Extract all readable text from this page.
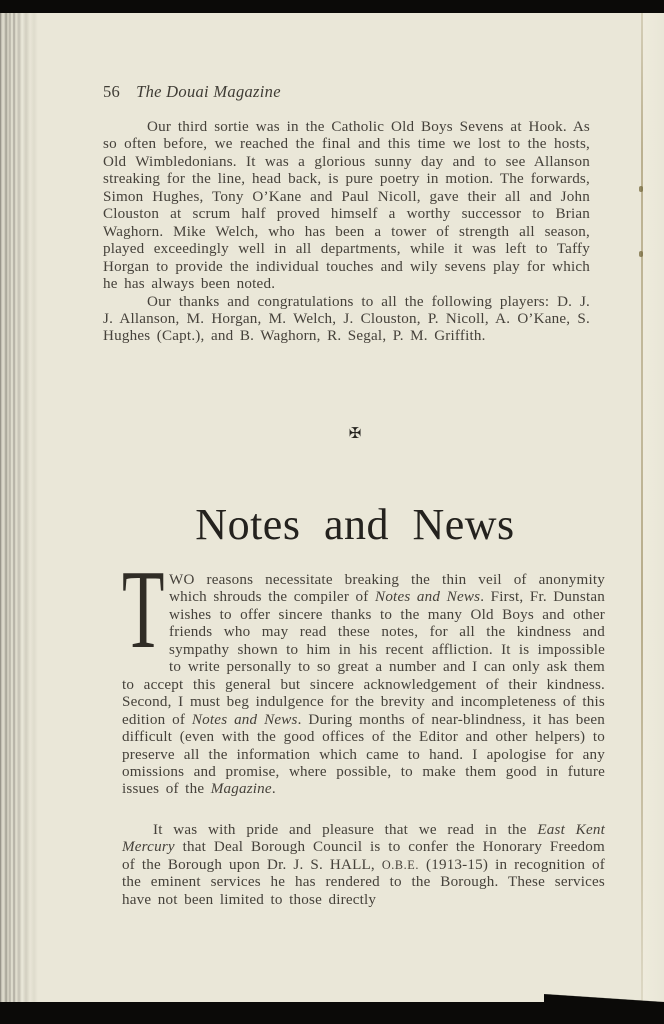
56 The Douai Magazine

Our third sortie was in the Catholic Old Boys Sevens at Hook. As so often before, we reached the final and this time we lost to the hosts, Old Wimbledonians. It was a glorious sunny day and to see Allanson streaking for the line, head back, is pure poetry in motion. The forwards, Simon Hughes, Tony O’Kane and Paul Nicoll, gave their all and John Clouston at scrum half proved himself a worthy successor to Brian Waghorn. Mike Welch, who has been a tower of strength all season, played exceedingly well in all departments, while it was left to Taffy Horgan to provide the individual touches and wily sevens play for which he has always been noted.

Our thanks and congratulations to all the following players: D. J. J. Allanson, M. Horgan, M. Welch, J. Clouston, P. Nicoll, A. O’Kane, S. Hughes (Capt.), and B. Waghorn, R. Segal, P. M. Griffith.

✠
Notes and News
T WO reasons necessitate breaking the thin veil of anonymity which shrouds the compiler of Notes and News. First, Fr. Dunstan wishes to offer sincere thanks to the many Old Boys and other friends who may read these notes, for all the kindness and sympathy shown to him in his recent affliction. It is impossible to write personally to so great a number and I can only ask them to accept this general but sincere acknowledgement of their kindness. Second, I must beg indulgence for the brevity and incompleteness of this edition of Notes and News. During months of near-blindness, it has been difficult (even with the good offices of the Editor and other helpers) to preserve all the information which came to hand. I apologise for any omissions and promise, where possible, to make them good in future issues of the Magazine.

It was with pride and pleasure that we read in the East Kent Mercury that Deal Borough Council is to confer the Honorary Freedom of the Borough upon Dr. J. S. HALL, O.B.E. (1913-15) in recognition of the eminent services he has rendered to the Borough. These services have not been limited to those directly
